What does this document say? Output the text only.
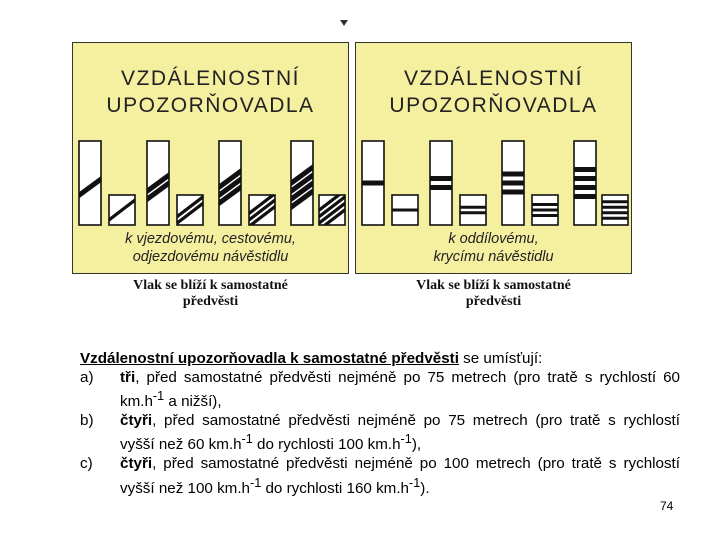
VZDÁLENOSTNÍ
UPOZORŇOVADLA
k vjezdovému, cestovému,
odjezdovému návěstidlu
VZDÁLENOSTNÍ
UPOZORŇOVADLA
k oddílovému,
krycímu návěstidlu
Vlak se blíží k samostatné
předvěsti
Vlak se blíží k samostatné
předvěsti
Vzdálenostní upozorňovadla k samostatné předvěsti se umísťují:
a)	tři, před samostatné předvěsti nejméně po 75 metrech (pro tratě s rychlostí 60 $km.h^{-1}$ a nižší),
b)	čtyři, před samostatné předvěsti nejméně po 75 metrech (pro tratě s rychlostí vyšší než 60 $km.h^{-1}$ do rychlosti 100 $km.h^{-1}$),
c)	čtyři, před samostatné předvěsti nejméně po 100 metrech (pro tratě s rychlostí vyšší než 100 $km.h^{-1}$ do rychlosti 160 $km.h^{-1}$).
74
